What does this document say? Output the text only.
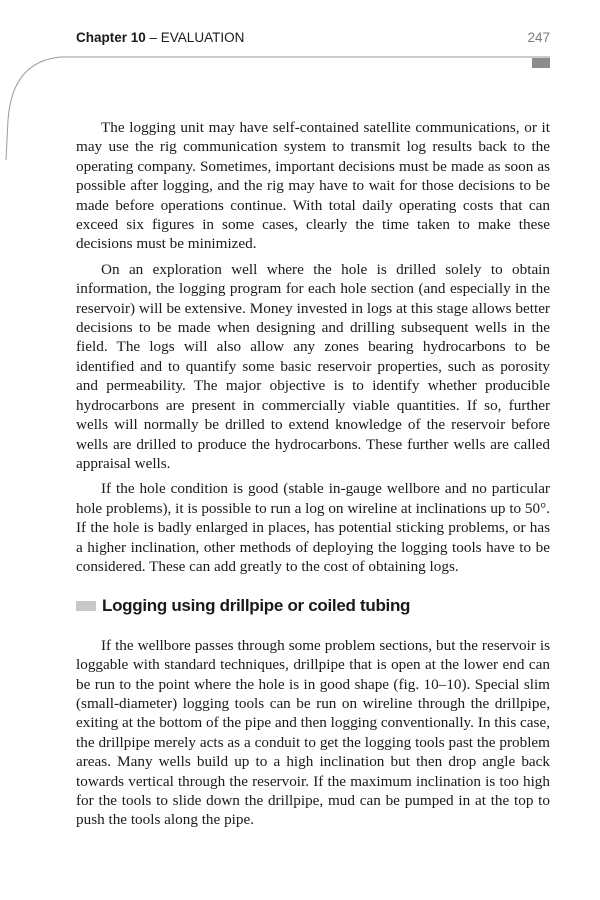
Chapter 10 – EVALUATION	247

The logging unit may have self-contained satellite communications, or it may use the rig communication system to transmit log results back to the operating company. Sometimes, important decisions must be made as soon as possible after logging, and the rig may have to wait for those decisions to be made before operations continue. With total daily operating costs that can exceed six figures in some cases, clearly the time taken to make these decisions must be minimized.

On an exploration well where the hole is drilled solely to obtain information, the logging program for each hole section (and especially in the reservoir) will be extensive. Money invested in logs at this stage allows better decisions to be made when designing and drilling subsequent wells in the field. The logs will also allow any zones bearing hydrocarbons to be identified and to quantify some basic reservoir properties, such as porosity and permeability. The major objective is to identify whether producible hydrocarbons are present in commercially viable quantities. If so, further wells will normally be drilled to extend knowledge of the reservoir before wells are drilled to produce the hydrocarbons. These further wells are called appraisal wells.

If the hole condition is good (stable in-gauge wellbore and no particular hole problems), it is possible to run a log on wireline at inclinations up to 50°. If the hole is badly enlarged in places, has potential sticking problems, or has a higher inclination, other methods of deploying the logging tools have to be considered. These can add greatly to the cost of obtaining logs.

Logging using drillpipe or coiled tubing

If the wellbore passes through some problem sections, but the reservoir is loggable with standard techniques, drillpipe that is open at the lower end can be run to the point where the hole is in good shape (fig. 10–10). Special slim (small-diameter) logging tools can be run on wireline through the drillpipe, exiting at the bottom of the pipe and then logging conventionally. In this case, the drillpipe merely acts as a conduit to get the logging tools past the problem areas. Many wells build up to a high inclination but then drop angle back towards vertical through the reservoir. If the maximum inclination is too high for the tools to slide down the drillpipe, mud can be pumped in at the top to push the tools along the pipe.
